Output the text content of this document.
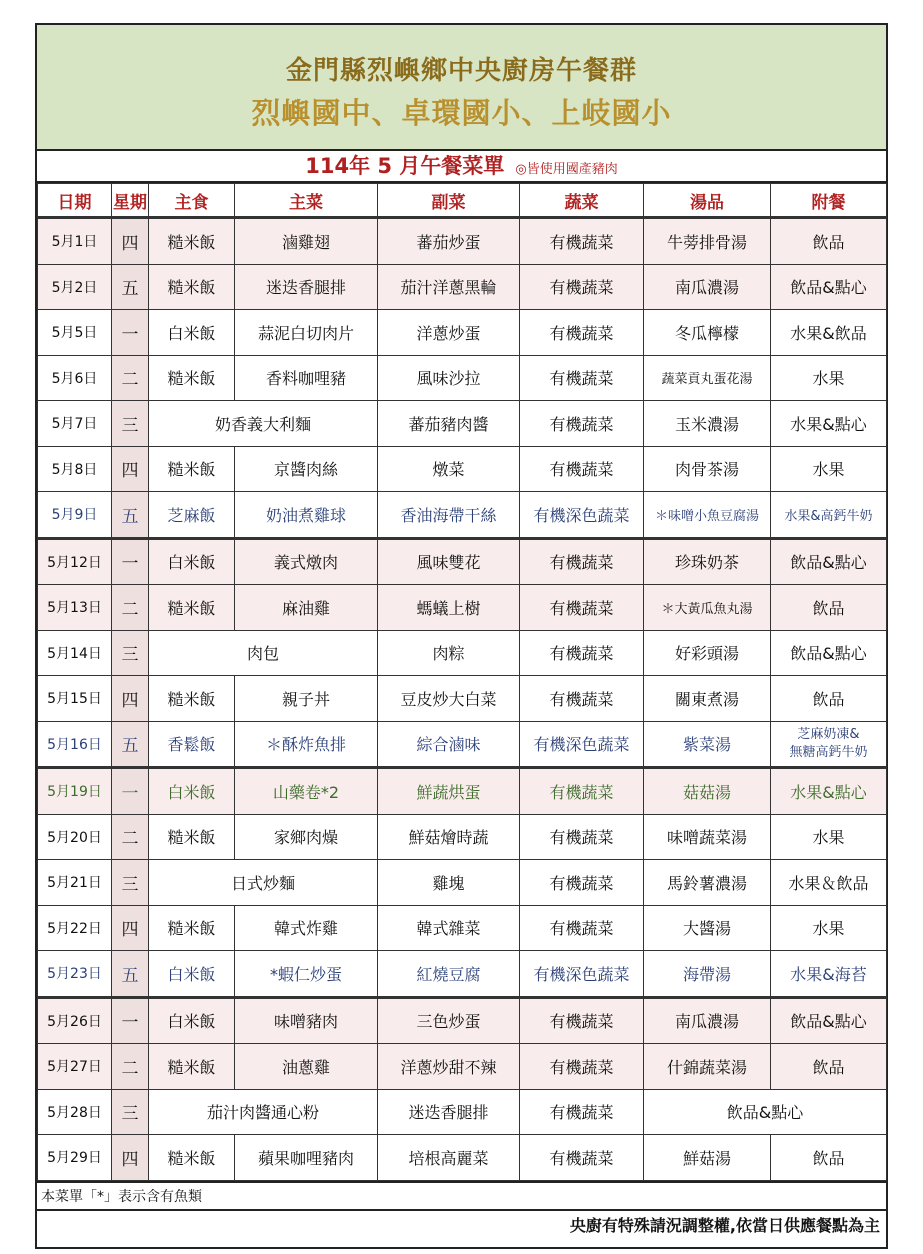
金門縣烈嶼鄉中央廚房午餐群
烈嶼國中、卓環國小、上岐國小
114年 5 月午餐菜單 ◎皆使用國產豬肉
日期	星期	主食	主菜	副菜	蔬菜	湯品	附餐
5月1日	四	糙米飯	滷雞翅	蕃茄炒蛋	有機蔬菜	牛蒡排骨湯	飲品
5月2日	五	糙米飯	迷迭香腿排	茄汁洋蔥黑輪	有機蔬菜	南瓜濃湯	飲品&點心
5月5日	一	白米飯	蒜泥白切肉片	洋蔥炒蛋	有機蔬菜	冬瓜檸檬	水果&飲品
5月6日	二	糙米飯	香料咖哩豬	風味沙拉	有機蔬菜	蔬菜貢丸蛋花湯	水果
5月7日	三	奶香義大利麵		蕃茄豬肉醬	有機蔬菜	玉米濃湯	水果&點心
5月8日	四	糙米飯	京醬肉絲	燉菜	有機蔬菜	肉骨茶湯	水果
5月9日	五	芝麻飯	奶油煮雞球	香油海帶干絲	有機深色蔬菜	＊味噌小魚豆腐湯	水果&高鈣牛奶
5月12日	一	白米飯	義式燉肉	風味雙花	有機蔬菜	珍珠奶茶	飲品&點心
5月13日	二	糙米飯	麻油雞	螞蟻上樹	有機蔬菜	＊大黃瓜魚丸湯	飲品
5月14日	三	肉包		肉粽	有機蔬菜	好彩頭湯	飲品&點心
5月15日	四	糙米飯	親子丼	豆皮炒大白菜	有機蔬菜	關東煮湯	飲品
5月16日	五	香鬆飯	＊酥炸魚排	綜合滷味	有機深色蔬菜	紫菜湯	芝麻奶凍&
無糖高鈣牛奶
5月19日	一	白米飯	山藥卷*2	鮮蔬烘蛋	有機蔬菜	菇菇湯	水果&點心
5月20日	二	糙米飯	家鄉肉燥	鮮菇燴時蔬	有機蔬菜	味噌蔬菜湯	水果
5月21日	三	日式炒麵		雞塊	有機蔬菜	馬鈴薯濃湯	水果＆飲品
5月22日	四	糙米飯	韓式炸雞	韓式雜菜	有機蔬菜	大醬湯	水果
5月23日	五	白米飯	*蝦仁炒蛋	紅燒豆腐	有機深色蔬菜	海帶湯	水果&海苔
5月26日	一	白米飯	味噌豬肉	三色炒蛋	有機蔬菜	南瓜濃湯	飲品&點心
5月27日	二	糙米飯	油蔥雞	洋蔥炒甜不辣	有機蔬菜	什錦蔬菜湯	飲品
5月28日	三	茄汁肉醬通心粉		迷迭香腿排	有機蔬菜	飲品&點心	
5月29日	四	糙米飯	蘋果咖哩豬肉	培根高麗菜	有機蔬菜	鮮菇湯	飲品
本菜單「*」表示含有魚類
央廚有特殊請況調整權,依當日供應餐點為主
